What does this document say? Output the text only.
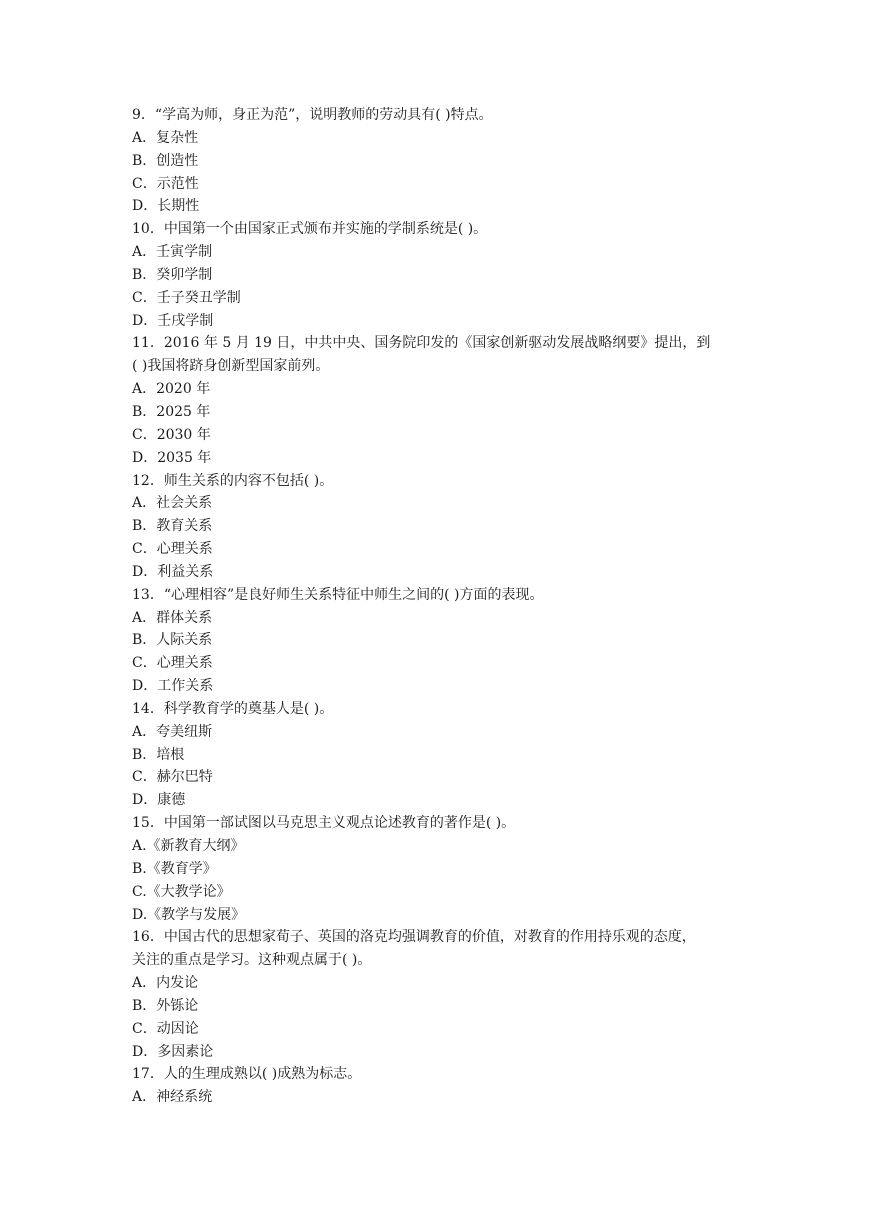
9．“学高为师，身正为范”，说明教师的劳动具有( )特点。
A．复杂性
B．创造性
C．示范性
D．长期性
10．中国第一个由国家正式颁布并实施的学制系统是( )。
A．壬寅学制
B．癸卯学制
C．壬子癸丑学制
D．壬戌学制
11．2016 年 5 月 19 日，中共中央、国务院印发的《国家创新驱动发展战略纲要》提出，到
( )我国将跻身创新型国家前列。
A．2020 年
B．2025 年
C．2030 年
D．2035 年
12．师生关系的内容不包括( )。
A．社会关系
B．教育关系
C．心理关系
D．利益关系
13．“心理相容”是良好师生关系特征中师生之间的( )方面的表现。
A．群体关系
B．人际关系
C．心理关系
D．工作关系
14．科学教育学的奠基人是( )。
A．夸美纽斯
B．培根
C．赫尔巴特
D．康德
15．中国第一部试图以马克思主义观点论述教育的著作是( )。
A.《新教育大纲》
B.《教育学》
C.《大教学论》
D.《教学与发展》
16．中国古代的思想家荀子、英国的洛克均强调教育的价值，对教育的作用持乐观的态度，
关注的重点是学习。这种观点属于( )。
A．内发论
B．外铄论
C．动因论
D．多因素论
17．人的生理成熟以( )成熟为标志。
A．神经系统
